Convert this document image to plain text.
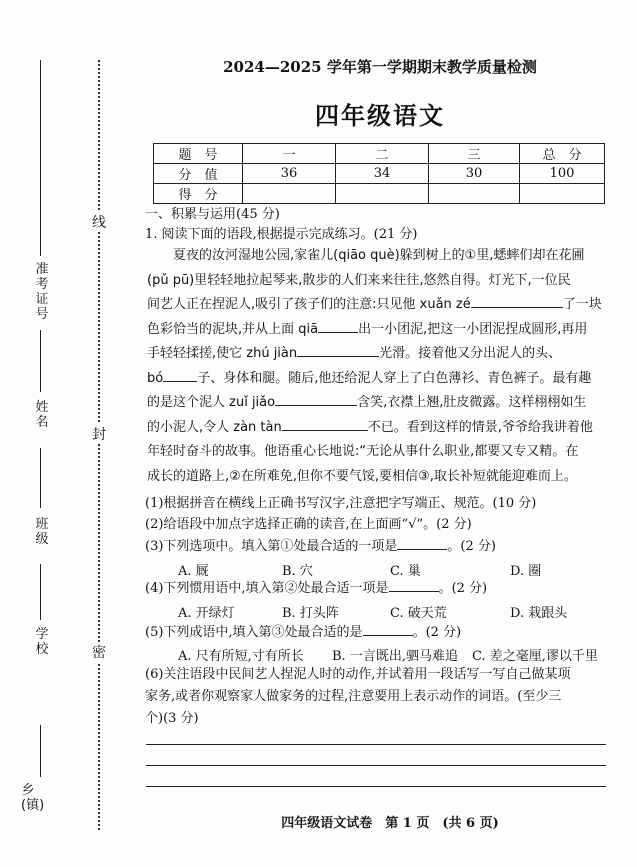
乡(镇)
学校
班级
姓名
准考证号
线
封
密
2024—2025 学年第一学期期末教学质量检测
四年级语文
题　号	一	二	三	总　分
分　值	36	34	30	100
得　分				
一、积累与运用(45 分)
1. 阅读下面的语段,根据提示完成练习。(21 分)

夏夜的汝河湿地公园,家雀儿(qiāo què)躲到树上的①里,蟋蟀们却在花圃

(pǔ pū)里轻轻地拉起琴来,散步的人们来来往往,悠然自得。灯光下,一位民

间艺人正在捏泥人,吸引了孩子们的注意:只见他 xuǎn zé	了一块

色彩恰当的泥块,并从上面 qiā	出一小团泥,把这一小团泥捏成圆形,再用

手轻轻揉搓,使它 zhú jiàn	光滑。接着他又分出泥人的头、

bó	子、身体和腿。随后,他还给泥人穿上了白色薄衫、青色裤子。最有趣

的是这个泥人 zuǐ jiǎo	含笑,衣襟上翘,肚皮微露。这样栩栩如生

的小泥人,令人 zàn tàn	不已。看到这样的情景,爷爷给我讲着他

年轻时奋斗的故事。他语重心长地说:“无论从事什么职业,都要又专又精。在

成长的道路上,②在所难免,但你不要气馁,要相信③,取长补短就能迎难而上。

(1)根据拼音在横线上正确书写汉字,注意把字写端正、规范。(10 分)
(2)给语段中加点字选择正确的读音,在上面画“√”。(2 分)
(3)下列选项中。填入第①处最合适的一项是	。(2 分)
A. 厩	B. 穴	C. 巢	D. 圈
(4)下列惯用语中,填入第②处最合适一项是	。(2 分)
A. 开绿灯	B. 打头阵	C. 破天荒	D. 栽跟头
(5)下列成语中,填入第③处最合适的是	。(2 分)
A. 尺有所短,寸有所长 B. 一言既出,驷马难追 C. 差之毫厘,谬以千里
(6)关注语段中民间艺人捏泥人时的动作,并试着用一段话写一写自己做某项
家务,或者你观察家人做家务的过程,注意要用上表示动作的词语。(至少三
个)(3 分)
四年级语文试卷　第 1 页　(共 6 页)
